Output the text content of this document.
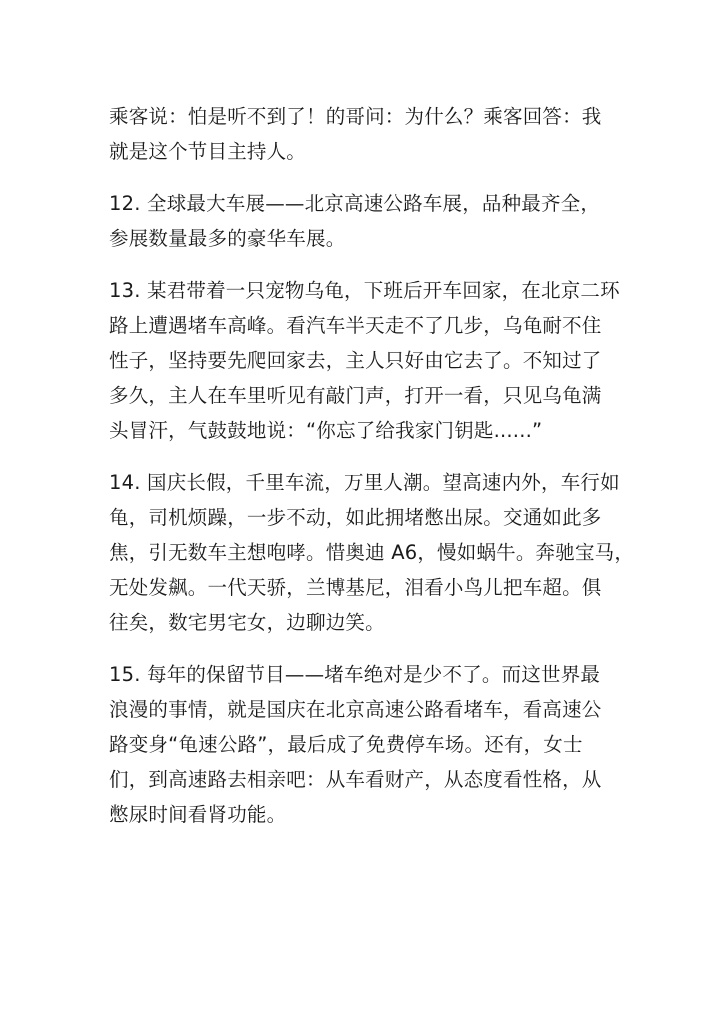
乘客说：怕是听不到了！的哥问：为什么？乘客回答：我
就是这个节目主持人。

12. 全球最大车展——北京高速公路车展，品种最齐全，
参展数量最多的豪华车展。

13. 某君带着一只宠物乌龟，下班后开车回家，在北京二环
路上遭遇堵车高峰。看汽车半天走不了几步，乌龟耐不住
性子，坚持要先爬回家去，主人只好由它去了。不知过了
多久，主人在车里听见有敲门声，打开一看，只见乌龟满
头冒汗，气鼓鼓地说：“你忘了给我家门钥匙......”

14. 国庆长假，千里车流，万里人潮。望高速内外，车行如
龟，司机烦躁，一步不动，如此拥堵憋出尿。交通如此多
焦，引无数车主想咆哮。惜奥迪 A6，慢如蜗牛。奔驰宝马，
无处发飙。一代天骄，兰博基尼，泪看小鸟儿把车超。俱
往矣，数宅男宅女，边聊边笑。

15. 每年的保留节目——堵车绝对是少不了。而这世界最
浪漫的事情，就是国庆在北京高速公路看堵车，看高速公
路变身“龟速公路”，最后成了免费停车场。还有，女士
们，到高速路去相亲吧：从车看财产，从态度看性格，从
憋尿时间看肾功能。
